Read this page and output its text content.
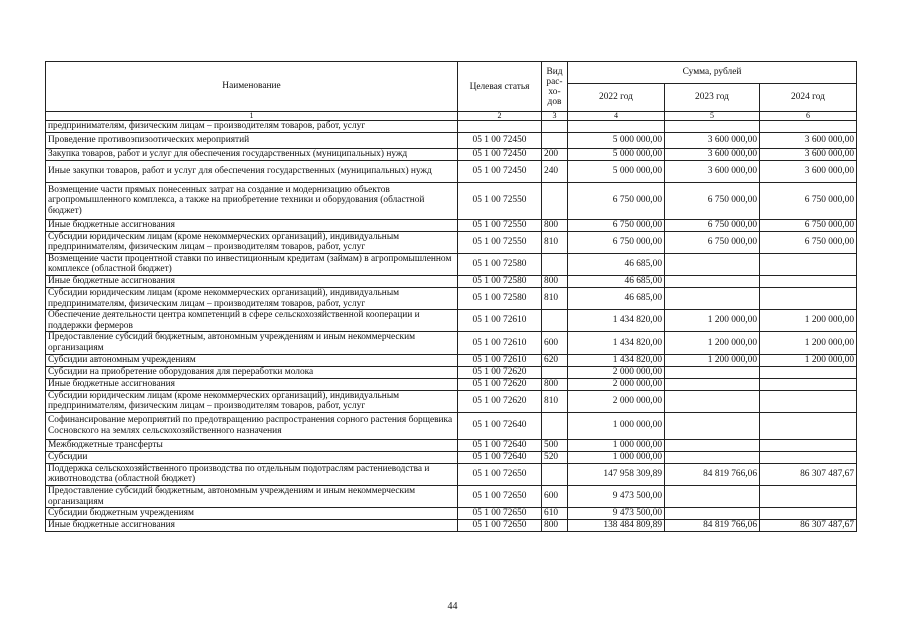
Наименование	Целевая статья	Вид рас- хо- дов	Сумма, рублей		
			2022 год	2023 год	2024 год
1	2	3	4	5	6
предпринимателям, физическим лицам – производителям товаров, работ, услуг					
Проведение противоэпизоотических мероприятий	05 1 00 72450		5 000 000,00	3 600 000,00	3 600 000,00
Закупка товаров, работ и услуг для обеспечения государственных (муниципальных) нужд	05 1 00 72450	200	5 000 000,00	3 600 000,00	3 600 000,00
Иные закупки товаров, работ и услуг для обеспечения государственных (муниципальных) нужд	05 1 00 72450	240	5 000 000,00	3 600 000,00	3 600 000,00
Возмещение части прямых понесенных затрат на создание и модернизацию объектов агропромышленного комплекса, а также на приобретение техники и оборудования (областной бюджет)	05 1 00 72550		6 750 000,00	6 750 000,00	6 750 000,00
Иные бюджетные ассигнования	05 1 00 72550	800	6 750 000,00	6 750 000,00	6 750 000,00
Субсидии юридическим лицам (кроме некоммерческих организаций), индивидуальным предпринимателям, физическим лицам – производителям товаров, работ, услуг	05 1 00 72550	810	6 750 000,00	6 750 000,00	6 750 000,00
Возмещение части процентной ставки по инвестиционным кредитам (займам) в агропромышленном комплексе (областной бюджет)	05 1 00 72580		46 685,00		
Иные бюджетные ассигнования	05 1 00 72580	800	46 685,00		
Субсидии юридическим лицам (кроме некоммерческих организаций), индивидуальным предпринимателям, физическим лицам – производителям товаров, работ, услуг	05 1 00 72580	810	46 685,00		
Обеспечение деятельности центра компетенций в сфере сельскохозяйственной кооперации и поддержки фермеров	05 1 00 72610		1 434 820,00	1 200 000,00	1 200 000,00
Предоставление субсидий бюджетным, автономным учреждениям и иным некоммерческим организациям	05 1 00 72610	600	1 434 820,00	1 200 000,00	1 200 000,00
Субсидии автономным учреждениям	05 1 00 72610	620	1 434 820,00	1 200 000,00	1 200 000,00
Субсидии на приобретение оборудования для переработки молока	05 1 00 72620		2 000 000,00		
Иные бюджетные ассигнования	05 1 00 72620	800	2 000 000,00		
Субсидии юридическим лицам (кроме некоммерческих организаций), индивидуальным предпринимателям, физическим лицам – производителям товаров, работ, услуг	05 1 00 72620	810	2 000 000,00		
Софинансирование мероприятий по предотвращению распространения сорного растения борщевика Сосновского на землях сельскохозяйственного назначения	05 1 00 72640		1 000 000,00		
Межбюджетные трансферты	05 1 00 72640	500	1 000 000,00		
Субсидии	05 1 00 72640	520	1 000 000,00		
Поддержка сельскохозяйственного производства по отдельным подотраслям растениеводства и животноводства (областной бюджет)	05 1 00 72650		147 958 309,89	84 819 766,06	86 307 487,67
Предоставление субсидий бюджетным, автономным учреждениям и иным некоммерческим организациям	05 1 00 72650	600	9 473 500,00		
Субсидии бюджетным учреждениям	05 1 00 72650	610	9 473 500,00		
Иные бюджетные ассигнования	05 1 00 72650	800	138 484 809,89	84 819 766,06	86 307 487,67
44
